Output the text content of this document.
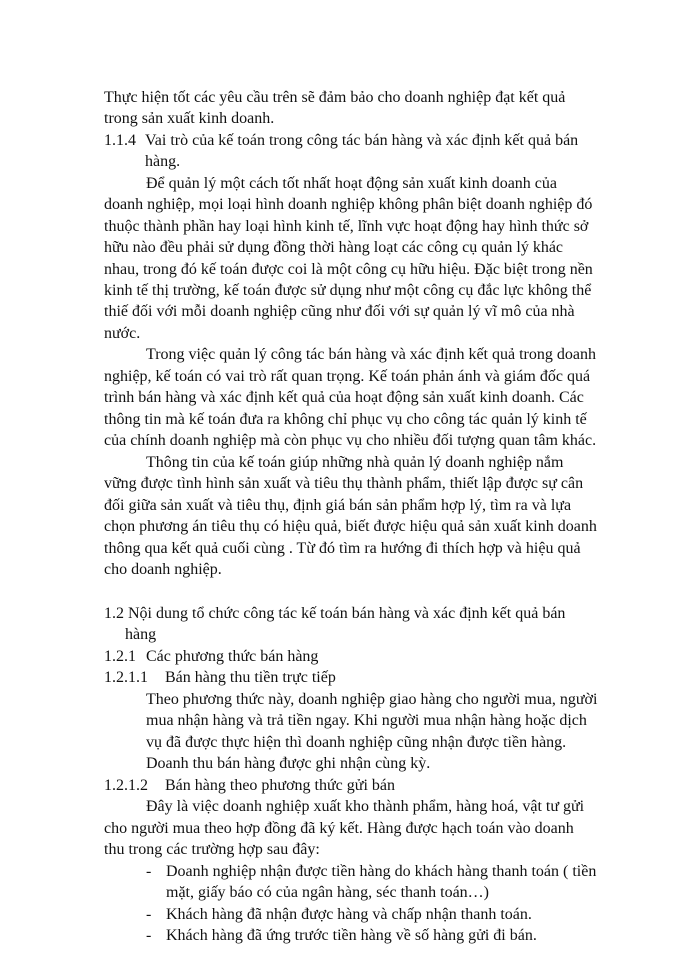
Thực hiện tốt các yêu cầu trên sẽ đảm bảo cho doanh nghiệp đạt kết quả
trong sản xuất kinh doanh.
1.1.4 Vai trò của kế toán trong công tác bán hàng và xác định kết quả bán
hàng.
Để quản lý một cách tốt nhất hoạt động sản xuất kinh doanh của
doanh nghiệp, mọi loại hình doanh nghiệp không phân biệt doanh nghiệp đó
thuộc thành phần hay loại hình kinh tế, lĩnh vực hoạt động hay hình thức sở
hữu nào đều phải sử dụng đồng thời hàng loạt các công cụ quản lý khác
nhau, trong đó kế toán được coi là một công cụ hữu hiệu. Đặc biệt trong nền
kinh tế thị trường, kế toán được sử dụng như một công cụ đắc lực không thể
thiế đối với mỗi doanh nghiệp cũng như đối với sự quản lý vĩ mô của nhà
nước.
Trong việc quản lý công tác bán hàng và xác định kết quả trong doanh
nghiệp, kế toán có vai trò rất quan trọng. Kế toán phản ánh và giám đốc quá
trình bán hàng và xác định kết quả của hoạt động sản xuất kinh doanh. Các
thông tin mà kế toán đưa ra không chỉ phục vụ cho công tác quản lý kinh tế
của chính doanh nghiệp mà còn phục vụ cho nhiều đối tượng quan tâm khác.
Thông tin của kế toán giúp những nhà quản lý doanh nghiệp nắm
vững được tình hình sản xuất và tiêu thụ thành phẩm, thiết lập được sự cân
đối giữa sản xuất và tiêu thụ, định giá bán sản phẩm hợp lý, tìm ra và lựa
chọn phương án tiêu thụ có hiệu quả, biết được hiệu quả sản xuất kinh doanh
thông qua kết quả cuối cùng . Từ đó tìm ra hướng đi thích hợp và hiệu quả
cho doanh nghiệp.
1.2 Nội dung tổ chức công tác kế toán bán hàng và xác định kết quả bán
hàng
1.2.1 Các phương thức bán hàng
1.2.1.1 Bán hàng thu tiền trực tiếp
Theo phương thức này, doanh nghiệp giao hàng cho người mua, người
mua nhận hàng và trả tiền ngay. Khi người mua nhận hàng hoặc dịch
vụ đã được thực hiện thì doanh nghiệp cũng nhận được tiền hàng.
Doanh thu bán hàng được ghi nhận cùng kỳ.
1.2.1.2 Bán hàng theo phương thức gửi bán
Đây là việc doanh nghiệp xuất kho thành phẩm, hàng hoá, vật tư gửi
cho người mua theo hợp đồng đã ký kết. Hàng được hạch toán vào doanh
thu trong các trường hợp sau đây:
- Doanh nghiệp nhận được tiền hàng do khách hàng thanh toán ( tiền
mặt, giấy báo có của ngân hàng, séc thanh toán…)
- Khách hàng đã nhận được hàng và chấp nhận thanh toán.
- Khách hàng đã ứng trước tiền hàng về số hàng gửi đi bán.
